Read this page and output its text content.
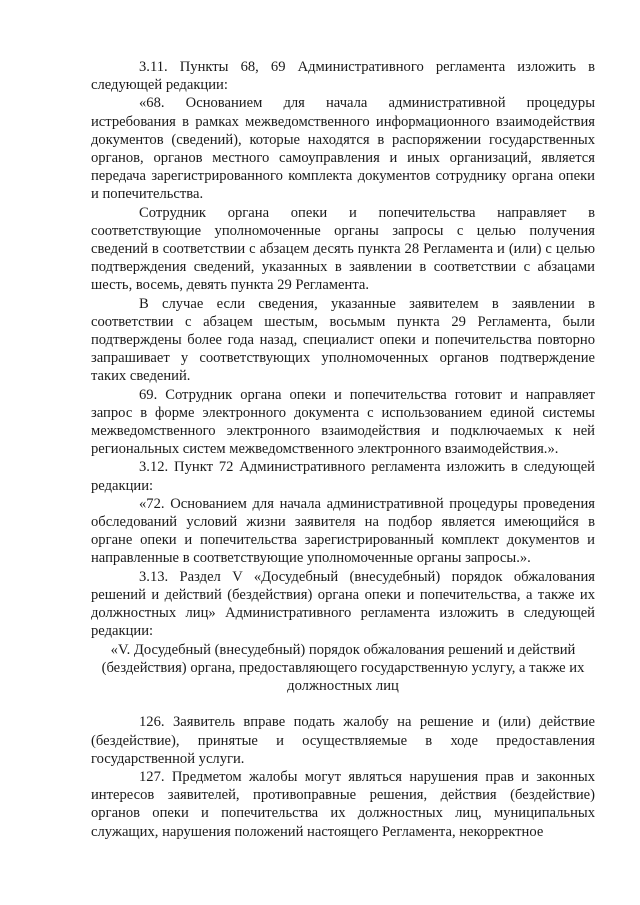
3.11. Пункты 68, 69 Административного регламента изложить в следующей редакции:

«68. Основанием для начала административной процедуры истребования в рамках межведомственного информационного взаимодействия документов (сведений), которые находятся в распоряжении государственных органов, органов местного самоуправления и иных организаций, является передача зарегистрированного комплекта документов сотруднику органа опеки и попечительства.

Сотрудник органа опеки и попечительства направляет в соответствующие уполномоченные органы запросы с целью получения сведений в соответствии с абзацем десять пункта 28 Регламента и (или) с целью подтверждения сведений, указанных в заявлении в соответствии с абзацами шесть, восемь, девять пункта 29 Регламента.

В случае если сведения, указанные заявителем в заявлении в соответствии с абзацем шестым, восьмым пункта 29 Регламента, были подтверждены более года назад, специалист опеки и попечительства повторно запрашивает у соответствующих уполномоченных органов подтверждение таких сведений.

69. Сотрудник органа опеки и попечительства готовит и направляет запрос в форме электронного документа с использованием единой системы межведомственного электронного взаимодействия и подключаемых к ней региональных систем межведомственного электронного взаимодействия.».

3.12. Пункт 72 Административного регламента изложить в следующей редакции:

«72. Основанием для начала административной процедуры проведения обследований условий жизни заявителя на подбор является имеющийся в органе опеки и попечительства зарегистрированный комплект документов и направленные в соответствующие уполномоченные органы запросы.».

3.13. Раздел V «Досудебный (внесудебный) порядок обжалования решений и действий (бездействия) органа опеки и попечительства, а также их должностных лиц» Административного регламента изложить в следующей редакции:

«V. Досудебный (внесудебный) порядок обжалования решений и действий (бездействия) органа, предоставляющего государственную услугу, а также их должностных лиц

126. Заявитель вправе подать жалобу на решение и (или) действие (бездействие), принятые и осуществляемые в ходе предоставления государственной услуги.

127. Предметом жалобы могут являться нарушения прав и законных интересов заявителей, противоправные решения, действия (бездействие) органов опеки и попечительства их должностных лиц, муниципальных служащих, нарушения положений настоящего Регламента, некорректное
